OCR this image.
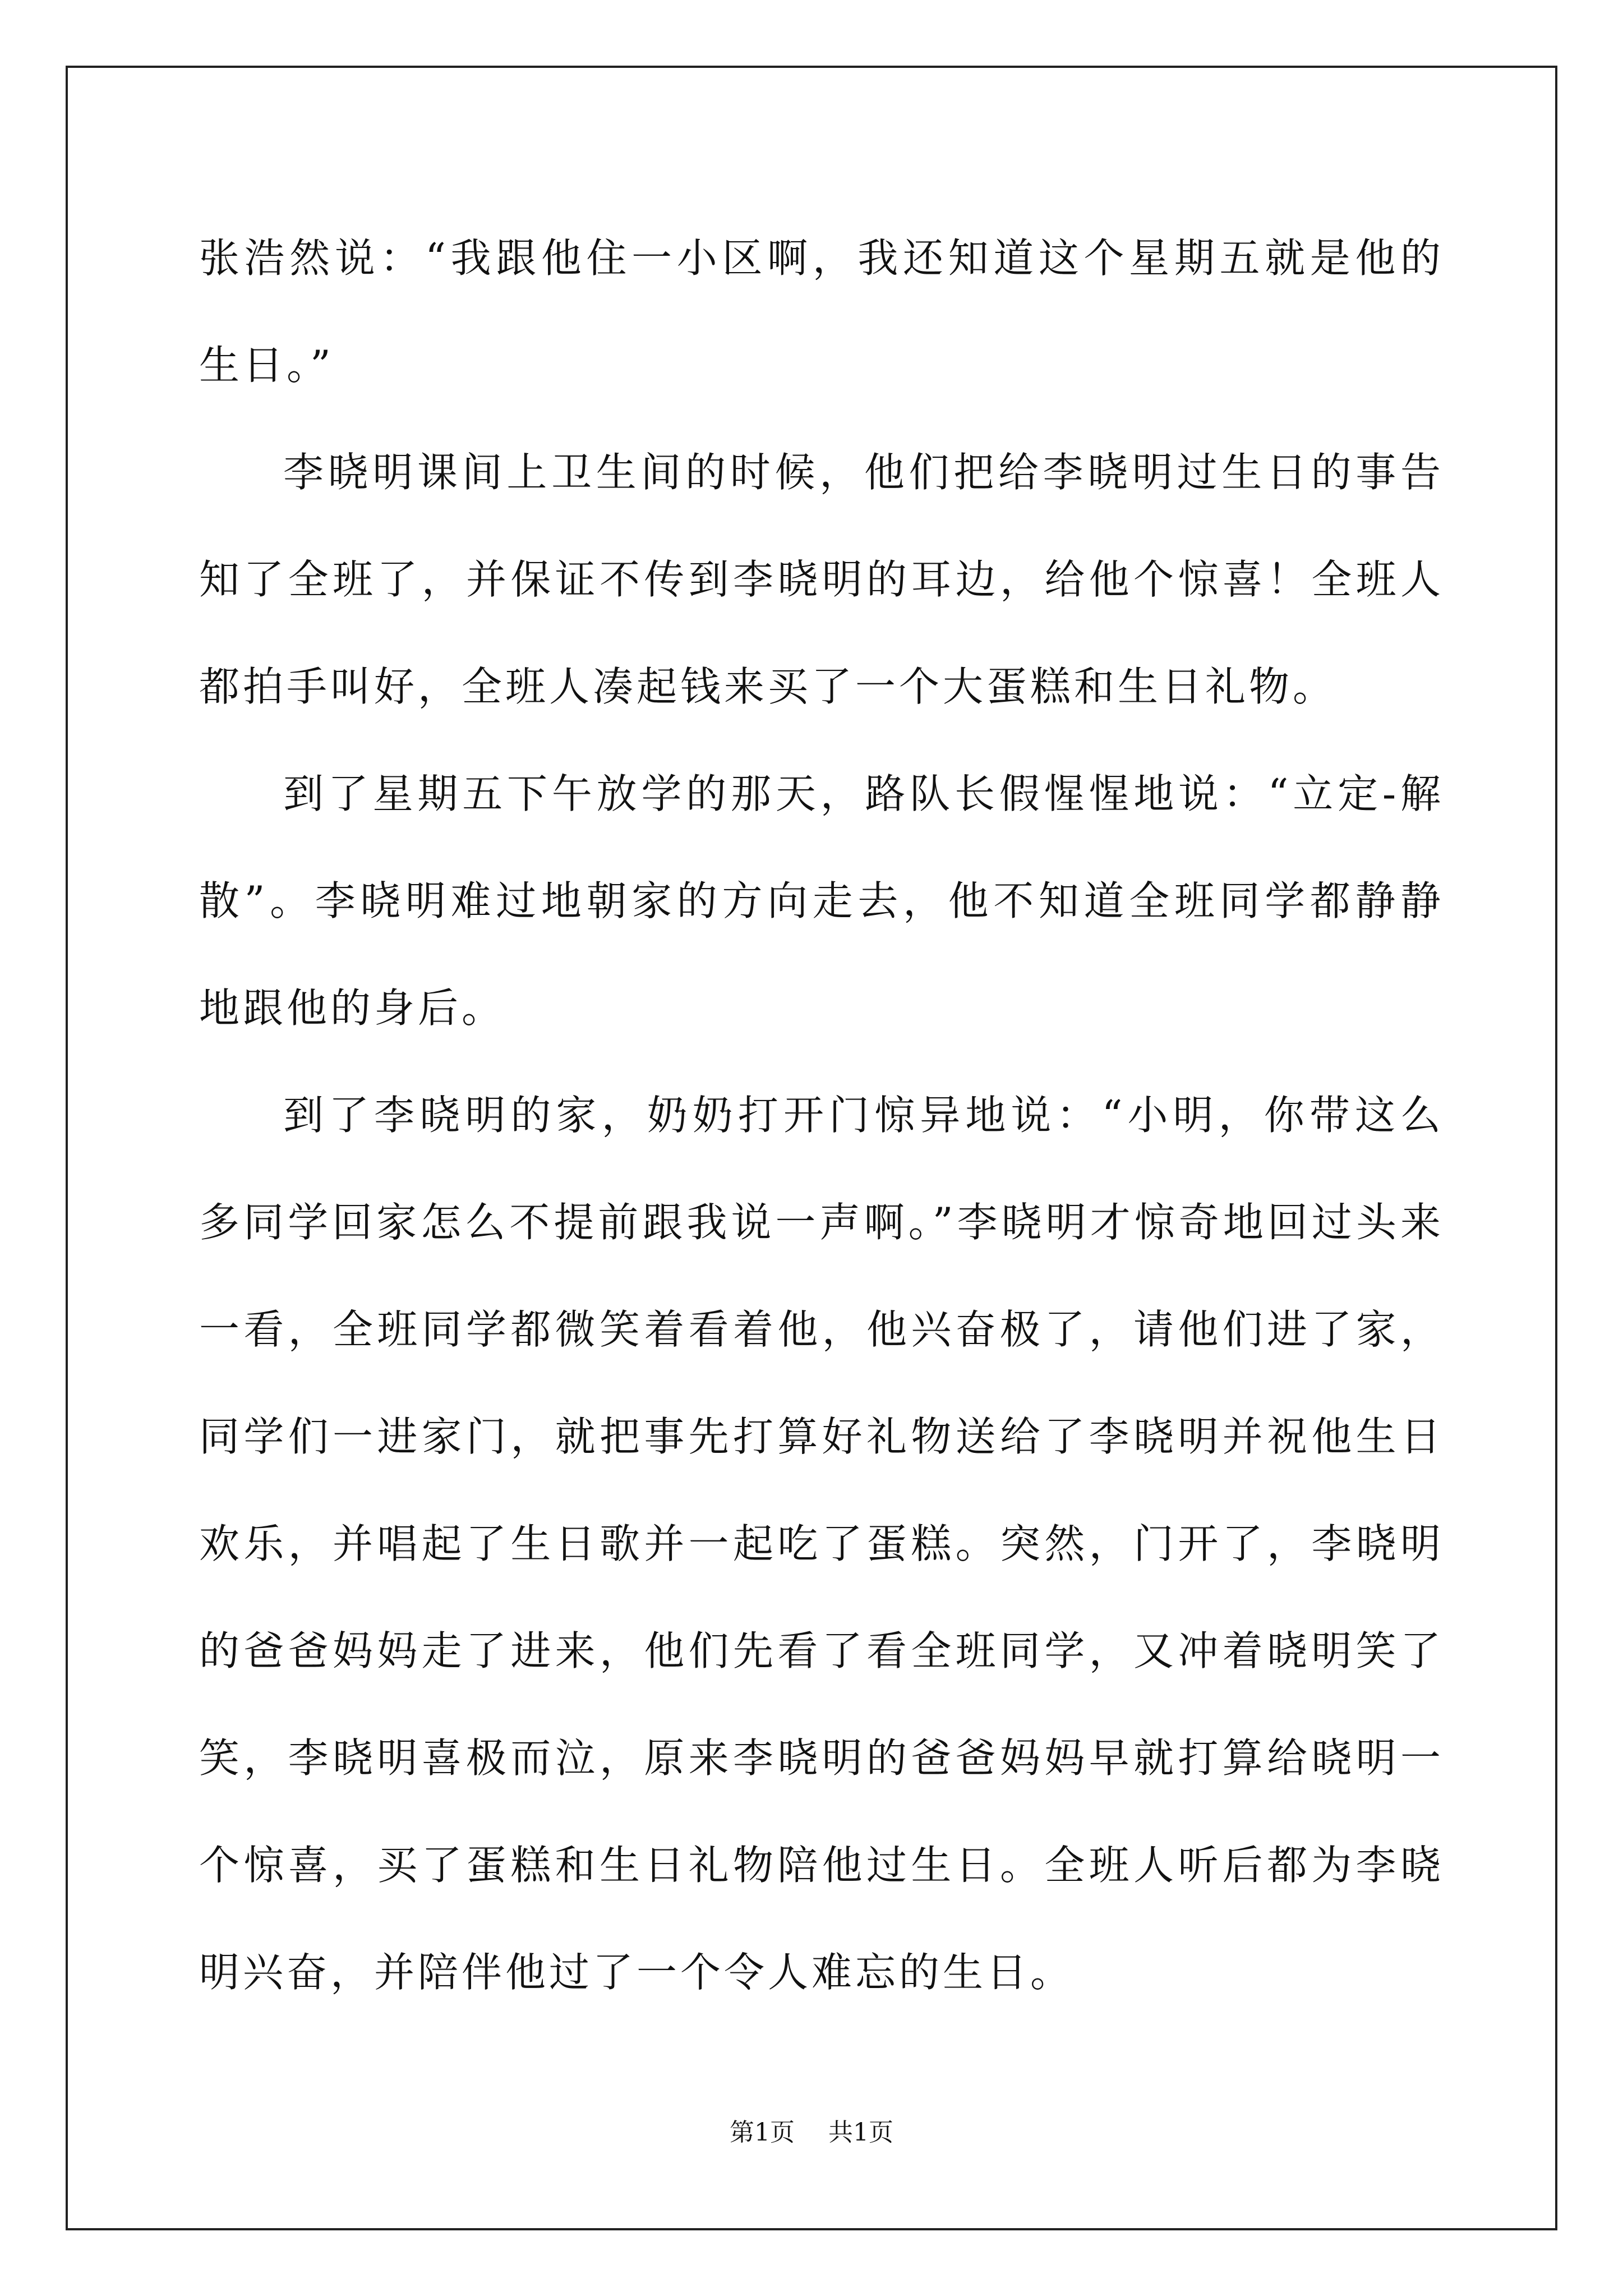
张浩然说：“我跟他住一小区啊，我还知道这个星期五就是他的生日。”

李晓明课间上卫生间的时候，他们把给李晓明过生日的事告知了全班了，并保证不传到李晓明的耳边，给他个惊喜！全班人都拍手叫好，全班人凑起钱来买了一个大蛋糕和生日礼物。

到了星期五下午放学的那天，路队长假惺惺地说：“立定-解散”。李晓明难过地朝家的方向走去，他不知道全班同学都静静地跟他的身后。

到了李晓明的家，奶奶打开门惊异地说：“小明，你带这么多同学回家怎么不提前跟我说一声啊。”李晓明才惊奇地回过头来一看，全班同学都微笑着看着他，他兴奋极了，请他们进了家，同学们一进家门，就把事先打算好礼物送给了李晓明并祝他生日欢乐，并唱起了生日歌并一起吃了蛋糕。突然，门开了，李晓明的爸爸妈妈走了进来，他们先看了看全班同学，又冲着晓明笑了笑，李晓明喜极而泣，原来李晓明的爸爸妈妈早就打算给晓明一个惊喜，买了蛋糕和生日礼物陪他过生日。全班人听后都为李晓明兴奋，并陪伴他过了一个令人难忘的生日。

第1页 共1页
